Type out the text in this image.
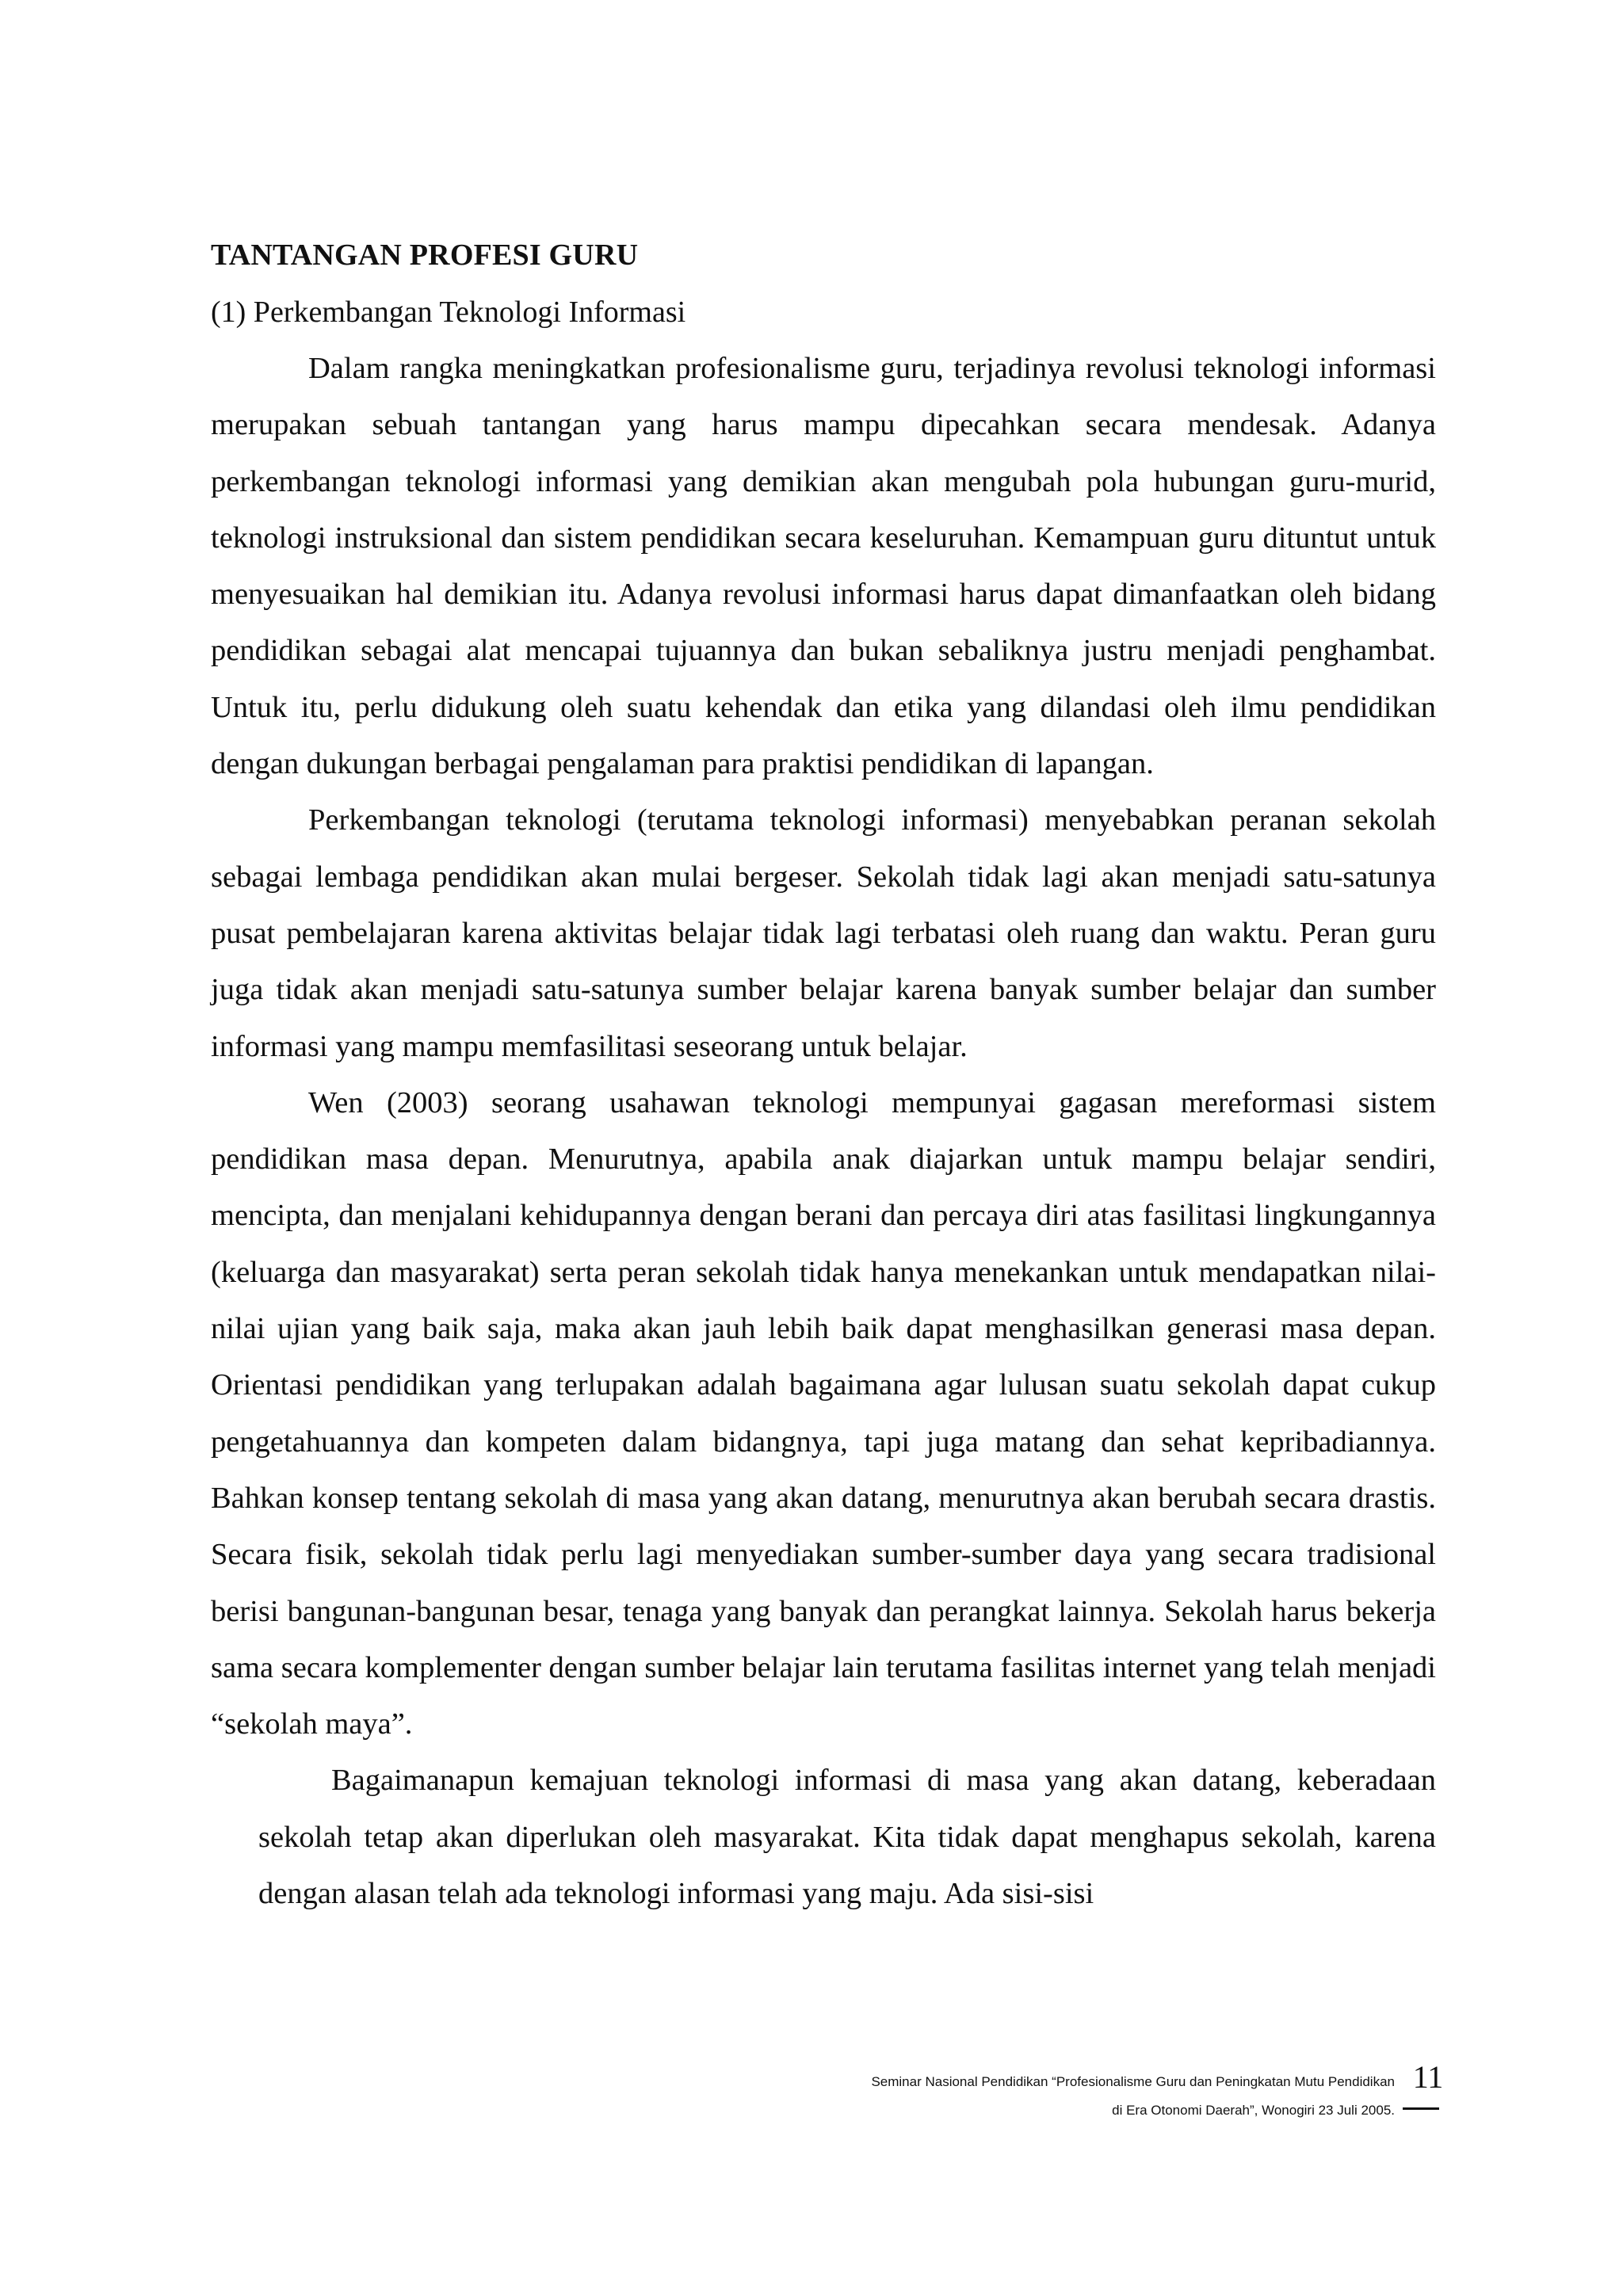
TANTANGAN PROFESI GURU

(1) Perkembangan Teknologi Informasi

Dalam rangka meningkatkan profesionalisme guru, terjadinya revolusi teknologi informasi merupakan sebuah tantangan yang harus mampu dipecahkan secara mendesak. Adanya perkembangan teknologi informasi yang demikian akan mengubah pola hubungan guru-murid, teknologi instruksional dan sistem pendidikan secara keseluruhan. Kemampuan guru dituntut untuk menyesuaikan hal demikian itu. Adanya revolusi informasi harus dapat dimanfaatkan oleh bidang pendidikan sebagai alat mencapai tujuannya dan bukan sebaliknya justru menjadi penghambat. Untuk itu, perlu didukung oleh suatu kehendak dan etika yang dilandasi oleh ilmu pendidikan dengan dukungan berbagai pengalaman para praktisi pendidikan di lapangan.

Perkembangan teknologi (terutama teknologi informasi) menyebabkan peranan sekolah sebagai lembaga pendidikan akan mulai bergeser. Sekolah tidak lagi akan menjadi satu-satunya pusat pembelajaran karena aktivitas belajar tidak lagi terbatasi oleh ruang dan waktu. Peran guru juga tidak akan menjadi satu-satunya sumber belajar karena banyak sumber belajar dan sumber informasi yang mampu memfasilitasi seseorang untuk belajar.

Wen (2003) seorang usahawan teknologi mempunyai gagasan mereformasi sistem pendidikan masa depan. Menurutnya, apabila anak diajarkan untuk mampu belajar sendiri, mencipta, dan menjalani kehidupannya dengan berani dan percaya diri atas fasilitasi lingkungannya (keluarga dan masyarakat) serta peran sekolah tidak hanya menekankan untuk mendapatkan nilai-nilai ujian yang baik saja, maka akan jauh lebih baik dapat menghasilkan generasi masa depan. Orientasi pendidikan yang terlupakan adalah bagaimana agar lulusan suatu sekolah dapat cukup pengetahuannya dan kompeten dalam bidangnya, tapi juga matang dan sehat kepribadiannya. Bahkan konsep tentang sekolah di masa yang akan datang, menurutnya akan berubah secara drastis. Secara fisik, sekolah tidak perlu lagi menyediakan sumber-sumber daya yang secara tradisional berisi bangunan-bangunan besar, tenaga yang banyak dan perangkat lainnya. Sekolah harus bekerja sama secara komplementer dengan sumber belajar lain terutama fasilitas internet yang telah menjadi “sekolah maya”.

Bagaimanapun kemajuan teknologi informasi di masa yang akan datang, keberadaan sekolah tetap akan diperlukan oleh masyarakat. Kita tidak dapat menghapus sekolah, karena dengan alasan telah ada teknologi informasi yang maju. Ada sisi-sisi

Seminar Nasional Pendidikan “Profesionalisme Guru dan Peningkatan Mutu Pendidikan
di Era Otonomi Daerah”, Wonogiri 23 Juli 2005.
11
